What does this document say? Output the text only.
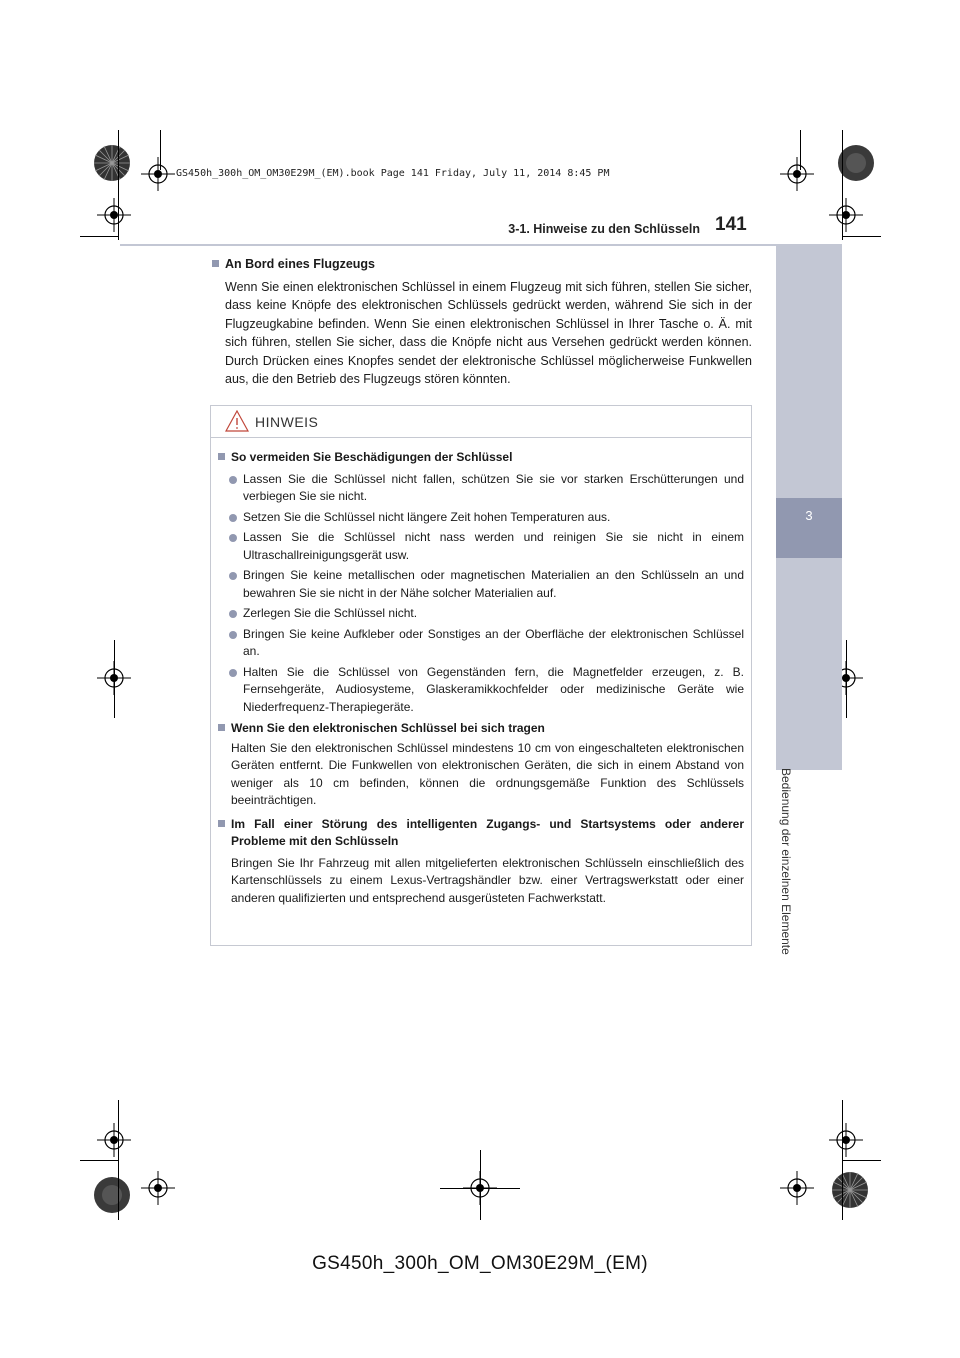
GS450h_300h_OM_OM30E29M_(EM).book Page 141 Friday, July 11, 2014 8:45 PM
3-1. Hinweise zu den Schlüsseln 141
3
Bedienung der einzelnen Elemente
An Bord eines Flugzeugs
Wenn Sie einen elektronischen Schlüssel in einem Flugzeug mit sich führen, stellen Sie sicher, dass keine Knöpfe des elektronischen Schlüssels gedrückt werden, während Sie sich in der Flugzeugkabine befinden. Wenn Sie einen elektronischen Schlüssel in Ihrer Tasche o. Ä. mit sich führen, stellen Sie sicher, dass die Knöpfe nicht aus Versehen gedrückt werden können. Durch Drücken eines Knopfes sendet der elektronische Schlüssel möglicherweise Funkwellen aus, die den Betrieb des Flugzeugs stören könnten.
HINWEIS
So vermeiden Sie Beschädigungen der Schlüssel
Lassen Sie die Schlüssel nicht fallen, schützen Sie sie vor starken Erschütterungen und verbiegen Sie sie nicht.
Setzen Sie die Schlüssel nicht längere Zeit hohen Temperaturen aus.
Lassen Sie die Schlüssel nicht nass werden und reinigen Sie sie nicht in einem Ultraschallreinigungsgerät usw.
Bringen Sie keine metallischen oder magnetischen Materialien an den Schlüsseln an und bewahren Sie sie nicht in der Nähe solcher Materialien auf.
Zerlegen Sie die Schlüssel nicht.
Bringen Sie keine Aufkleber oder Sonstiges an der Oberfläche der elektronischen Schlüssel an.
Halten Sie die Schlüssel von Gegenständen fern, die Magnetfelder erzeugen, z. B. Fernsehgeräte, Audiosysteme, Glaskeramikkochfelder oder medizinische Geräte wie Niederfrequenz-Therapiegeräte.
Wenn Sie den elektronischen Schlüssel bei sich tragen
Halten Sie den elektronischen Schlüssel mindestens 10 cm von eingeschalteten elektronischen Geräten entfernt. Die Funkwellen von elektronischen Geräten, die sich in einem Abstand von weniger als 10 cm befinden, können die ordnungsgemäße Funktion des Schlüssels beeinträchtigen.
Im Fall einer Störung des intelligenten Zugangs- und Startsystems oder anderer Probleme mit den Schlüsseln
Bringen Sie Ihr Fahrzeug mit allen mitgelieferten elektronischen Schlüsseln einschließlich des Kartenschlüssels zu einem Lexus-Vertragshändler bzw. einer Vertragswerkstatt oder einer anderen qualifizierten und entsprechend ausgerüsteten Fachwerkstatt.
GS450h_300h_OM_OM30E29M_(EM)
